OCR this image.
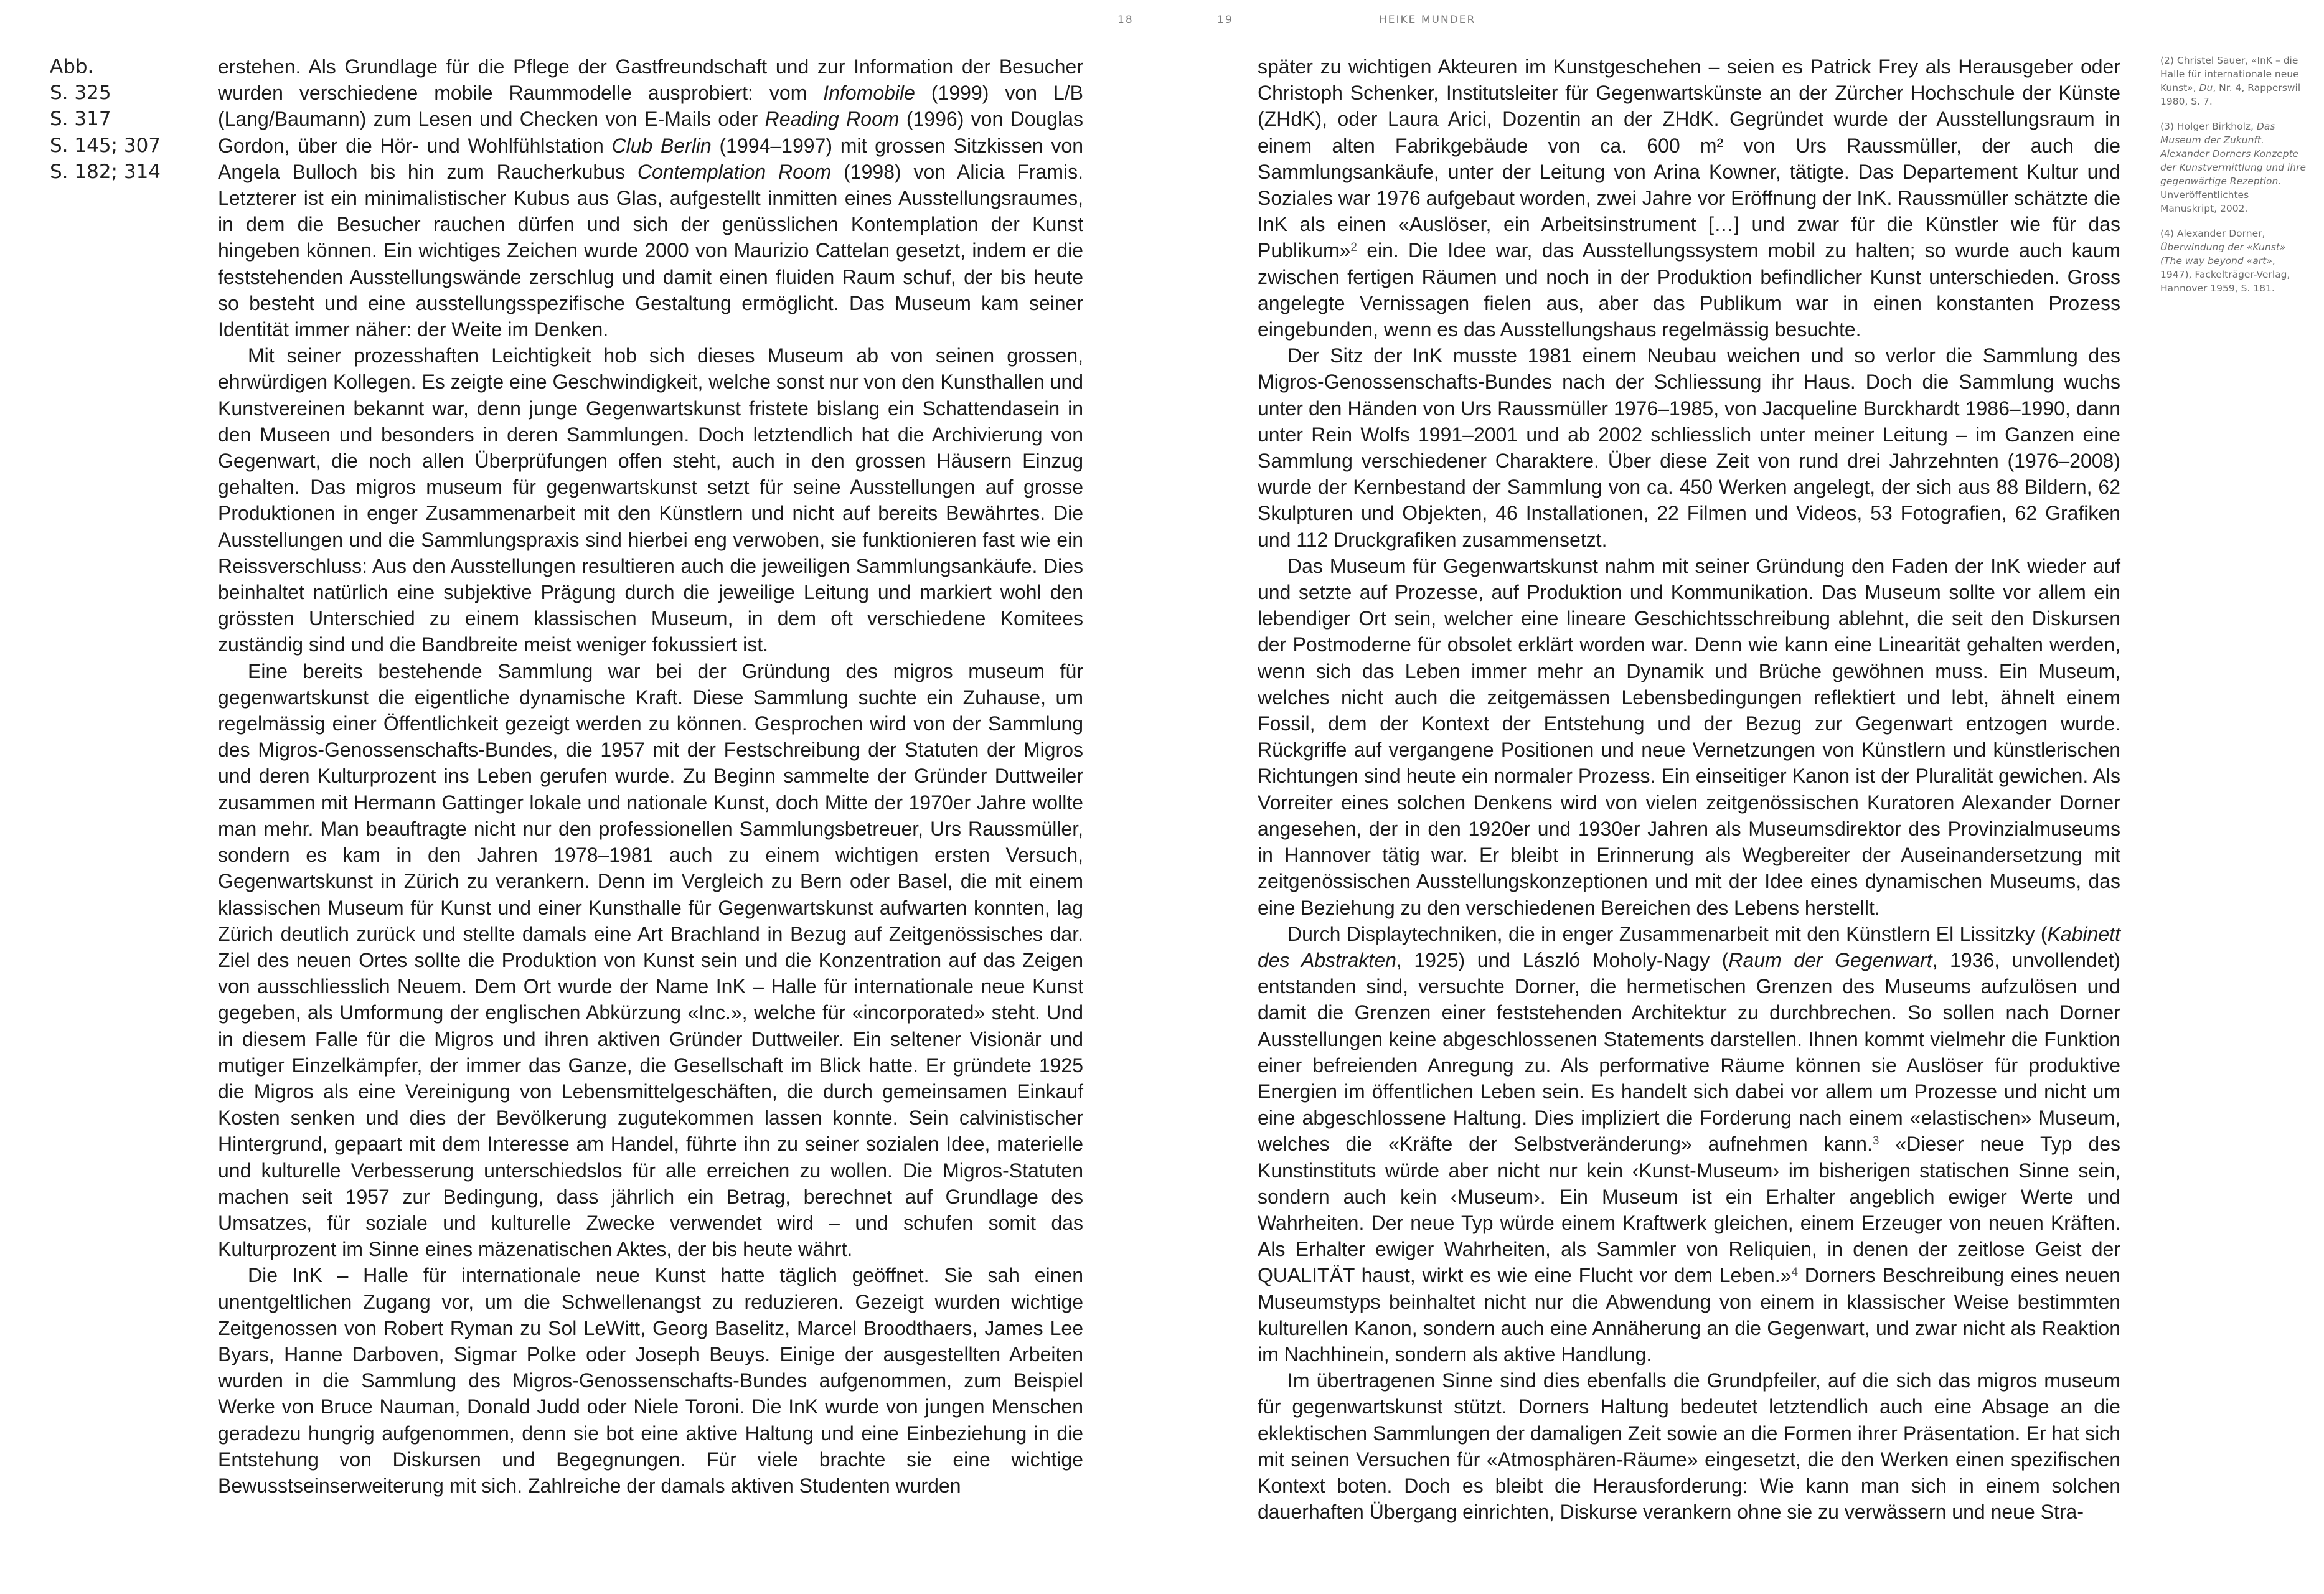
18	19	HEIKE MUNDER
Abb.
S. 325
S. 317
S. 145; 307
S. 182; 314

erstehen. Als Grundlage für die Pflege der Gastfreundschaft und zur Information der Besucher wurden verschiedene mobile Raummodelle ausprobiert: vom Infomobile (1999) von L/B (Lang/Baumann) zum Lesen und Checken von E-Mails oder Reading Room (1996) von Douglas Gordon, über die Hör- und Wohlfühlstation Club Berlin (1994–1997) mit grossen Sitzkissen von Angela Bulloch bis hin zum Raucherkubus Contemplation Room (1998) von Alicia Framis. Letzterer ist ein minimalistischer Kubus aus Glas, aufgestellt inmitten eines Ausstellungsraumes, in dem die Besucher rauchen dürfen und sich der genüsslichen Kontemplation der Kunst hingeben können. Ein wichtiges Zeichen wurde 2000 von Maurizio Cattelan gesetzt, indem er die feststehenden Ausstellungswände zerschlug und damit einen fluiden Raum schuf, der bis heute so besteht und eine ausstellungsspezifische Gestaltung ermöglicht. Das Museum kam seiner Identität immer näher: der Weite im Denken.

Mit seiner prozesshaften Leichtigkeit hob sich dieses Museum ab von seinen grossen, ehrwürdigen Kollegen. Es zeigte eine Geschwindigkeit, welche sonst nur von den Kunsthallen und Kunstvereinen bekannt war, denn junge Gegenwartskunst fristete bislang ein Schattendasein in den Museen und besonders in deren Sammlungen. Doch letztendlich hat die Archivierung von Gegenwart, die noch allen Überprüfungen offen steht, auch in den grossen Häusern Einzug gehalten. Das migros museum für gegenwartskunst setzt für seine Ausstellungen auf grosse Produktionen in enger Zusammenarbeit mit den Künstlern und nicht auf bereits Bewährtes. Die Ausstellungen und die Sammlungspraxis sind hierbei eng verwoben, sie funktionieren fast wie ein Reissverschluss: Aus den Ausstellungen resultieren auch die jeweiligen Sammlungsankäufe. Dies beinhaltet natürlich eine subjektive Prägung durch die jeweilige Leitung und markiert wohl den grössten Unterschied zu einem klassischen Museum, in dem oft verschiedene Komitees zuständig sind und die Bandbreite meist weniger fokussiert ist.

Eine bereits bestehende Sammlung war bei der Gründung des migros museum für gegenwartskunst die eigentliche dynamische Kraft. Diese Sammlung suchte ein Zuhause, um regelmässig einer Öffentlichkeit gezeigt werden zu können. Gesprochen wird von der Sammlung des Migros-Genossenschafts-Bundes, die 1957 mit der Festschreibung der Statuten der Migros und deren Kulturprozent ins Leben gerufen wurde. Zu Beginn sammelte der Gründer Duttweiler zusammen mit Hermann Gattinger lokale und nationale Kunst, doch Mitte der 1970er Jahre wollte man mehr. Man beauftragte nicht nur den professionellen Sammlungsbetreuer, Urs Raussmüller, sondern es kam in den Jahren 1978–1981 auch zu einem wichtigen ersten Versuch, Gegenwartskunst in Zürich zu verankern. Denn im Vergleich zu Bern oder Basel, die mit einem klassischen Museum für Kunst und einer Kunsthalle für Gegenwartskunst aufwarten konnten, lag Zürich deutlich zurück und stellte damals eine Art Brachland in Bezug auf Zeitgenössisches dar. Ziel des neuen Ortes sollte die Produktion von Kunst sein und die Konzentration auf das Zeigen von ausschliesslich Neuem. Dem Ort wurde der Name InK – Halle für internationale neue Kunst gegeben, als Umformung der englischen Abkürzung «Inc.», welche für «incorporated» steht. Und in diesem Falle für die Migros und ihren aktiven Gründer Duttweiler. Ein seltener Visionär und mutiger Einzelkämpfer, der immer das Ganze, die Gesellschaft im Blick hatte. Er gründete 1925 die Migros als eine Vereinigung von Lebensmittelgeschäften, die durch gemeinsamen Einkauf Kosten senken und dies der Bevölkerung zugutekommen lassen konnte. Sein calvinistischer Hintergrund, gepaart mit dem Interesse am Handel, führte ihn zu seiner sozialen Idee, materielle und kulturelle Verbesserung unterschiedslos für alle erreichen zu wollen. Die Migros-Statuten machen seit 1957 zur Bedingung, dass jährlich ein Betrag, berechnet auf Grundlage des Umsatzes, für soziale und kulturelle Zwecke verwendet wird – und schufen somit das Kulturprozent im Sinne eines mäzenatischen Aktes, der bis heute währt.

Die InK – Halle für internationale neue Kunst hatte täglich geöffnet. Sie sah einen unentgeltlichen Zugang vor, um die Schwellenangst zu reduzieren. Gezeigt wurden wichtige Zeitgenossen von Robert Ryman zu Sol LeWitt, Georg Baselitz, Marcel Broodthaers, James Lee Byars, Hanne Darboven, Sigmar Polke oder Joseph Beuys. Einige der ausgestellten Arbeiten wurden in die Sammlung des Migros-Genossenschafts-Bundes aufgenommen, zum Beispiel Werke von Bruce Nauman, Donald Judd oder Niele Toroni. Die InK wurde von jungen Menschen geradezu hungrig aufgenommen, denn sie bot eine aktive Haltung und eine Einbeziehung in die Entstehung von Diskursen und Begegnungen. Für viele brachte sie eine wichtige Bewusstseinserweiterung mit sich. Zahlreiche der damals aktiven Studenten wurden

später zu wichtigen Akteuren im Kunstgeschehen – seien es Patrick Frey als Herausgeber oder Christoph Schenker, Institutsleiter für Gegenwartskünste an der Zürcher Hochschule der Künste (ZHdK), oder Laura Arici, Dozentin an der ZHdK. Gegründet wurde der Ausstellungsraum in einem alten Fabrikgebäude von ca. 600 m² von Urs Raussmüller, der auch die Sammlungsankäufe, unter der Leitung von Arina Kowner, tätigte. Das Departement Kultur und Soziales war 1976 aufgebaut worden, zwei Jahre vor Eröffnung der InK. Raussmüller schätzte die InK als einen «Auslöser, ein Arbeitsinstrument […] und zwar für die Künstler wie für das Publikum»$^2$ ein. Die Idee war, das Ausstellungssystem mobil zu halten; so wurde auch kaum zwischen fertigen Räumen und noch in der Produktion befindlicher Kunst unterschieden. Gross angelegte Vernissagen fielen aus, aber das Publikum war in einen konstanten Prozess eingebunden, wenn es das Ausstellungshaus regelmässig besuchte.

Der Sitz der InK musste 1981 einem Neubau weichen und so verlor die Sammlung des Migros-Genossenschafts-Bundes nach der Schliessung ihr Haus. Doch die Sammlung wuchs unter den Händen von Urs Raussmüller 1976–1985, von Jacqueline Burckhardt 1986–1990, dann unter Rein Wolfs 1991–2001 und ab 2002 schliesslich unter meiner Leitung – im Ganzen eine Sammlung verschiedener Charaktere. Über diese Zeit von rund drei Jahrzehnten (1976–2008) wurde der Kernbestand der Sammlung von ca. 450 Werken angelegt, der sich aus 88 Bildern, 62 Skulpturen und Objekten, 46 Installationen, 22 Filmen und Videos, 53 Fotografien, 62 Grafiken und 112 Druckgrafiken zusammensetzt.

Das Museum für Gegenwartskunst nahm mit seiner Gründung den Faden der InK wieder auf und setzte auf Prozesse, auf Produktion und Kommunikation. Das Museum sollte vor allem ein lebendiger Ort sein, welcher eine lineare Geschichtsschreibung ablehnt, die seit den Diskursen der Postmoderne für obsolet erklärt worden war. Denn wie kann eine Linearität gehalten werden, wenn sich das Leben immer mehr an Dynamik und Brüche gewöhnen muss. Ein Museum, welches nicht auch die zeitgemässen Lebensbedingungen reflektiert und lebt, ähnelt einem Fossil, dem der Kontext der Entstehung und der Bezug zur Gegenwart entzogen wurde. Rückgriffe auf vergangene Positionen und neue Vernetzungen von Künstlern und künstlerischen Richtungen sind heute ein normaler Prozess. Ein einseitiger Kanon ist der Pluralität gewichen. Als Vorreiter eines solchen Denkens wird von vielen zeitgenössischen Kuratoren Alexander Dorner angesehen, der in den 1920er und 1930er Jahren als Museumsdirektor des Provinzialmuseums in Hannover tätig war. Er bleibt in Erinnerung als Wegbereiter der Auseinandersetzung mit zeitgenössischen Ausstellungskonzeptionen und mit der Idee eines dynamischen Museums, das eine Beziehung zu den verschiedenen Bereichen des Lebens herstellt.

Durch Displaytechniken, die in enger Zusammenarbeit mit den Künstlern El Lissitzky (Kabinett des Abstrakten, 1925) und László Moholy-Nagy (Raum der Gegenwart, 1936, unvollendet) entstanden sind, versuchte Dorner, die hermetischen Grenzen des Museums aufzulösen und damit die Grenzen einer feststehenden Architektur zu durchbrechen. So sollen nach Dorner Ausstellungen keine abgeschlossenen Statements darstellen. Ihnen kommt vielmehr die Funktion einer befreienden Anregung zu. Als performative Räume können sie Auslöser für produktive Energien im öffentlichen Leben sein. Es handelt sich dabei vor allem um Prozesse und nicht um eine abgeschlossene Haltung. Dies impliziert die Forderung nach einem «elastischen» Museum, welches die «Kräfte der Selbstveränderung» aufnehmen kann.$^3$ «Dieser neue Typ des Kunstinstituts würde aber nicht nur kein ‹Kunst-Museum› im bisherigen statischen Sinne sein, sondern auch kein ‹Museum›. Ein Museum ist ein Erhalter angeblich ewiger Werte und Wahrheiten. Der neue Typ würde einem Kraftwerk gleichen, einem Erzeuger von neuen Kräften. Als Erhalter ewiger Wahrheiten, als Sammler von Reliquien, in denen der zeitlose Geist der QUALITÄT haust, wirkt es wie eine Flucht vor dem Leben.»$^4$ Dorners Beschreibung eines neuen Museumstyps beinhaltet nicht nur die Abwendung von einem in klassischer Weise bestimmten kulturellen Kanon, sondern auch eine Annäherung an die Gegenwart, und zwar nicht als Reaktion im Nachhinein, sondern als aktive Handlung.

Im übertragenen Sinne sind dies ebenfalls die Grundpfeiler, auf die sich das migros museum für gegenwartskunst stützt. Dorners Haltung bedeutet letztendlich auch eine Absage an die eklektischen Sammlungen der damaligen Zeit sowie an die Formen ihrer Präsentation. Er hat sich mit seinen Versuchen für «Atmosphären-Räume» eingesetzt, die den Werken einen spezifischen Kontext boten. Doch es bleibt die Herausforderung: Wie kann man sich in einem solchen dauerhaften Übergang einrichten, Diskurse verankern ohne sie zu verwässern und neue Stra-

(2) Christel Sauer, «InK – die Halle für internationale neue Kunst», Du, Nr. 4, Rapperswil 1980, S. 7.
(3) Holger Birkholz, Das Museum der Zukunft. Alexander Dorners Konzepte der Kunstvermittlung und ihre gegenwärtige Rezeption. Unveröffentlichtes Manuskript, 2002.
(4) Alexander Dorner, Überwindung der «Kunst» (The way beyond «art», 1947), Fackelträger-Verlag, Hannover 1959, S. 181.
